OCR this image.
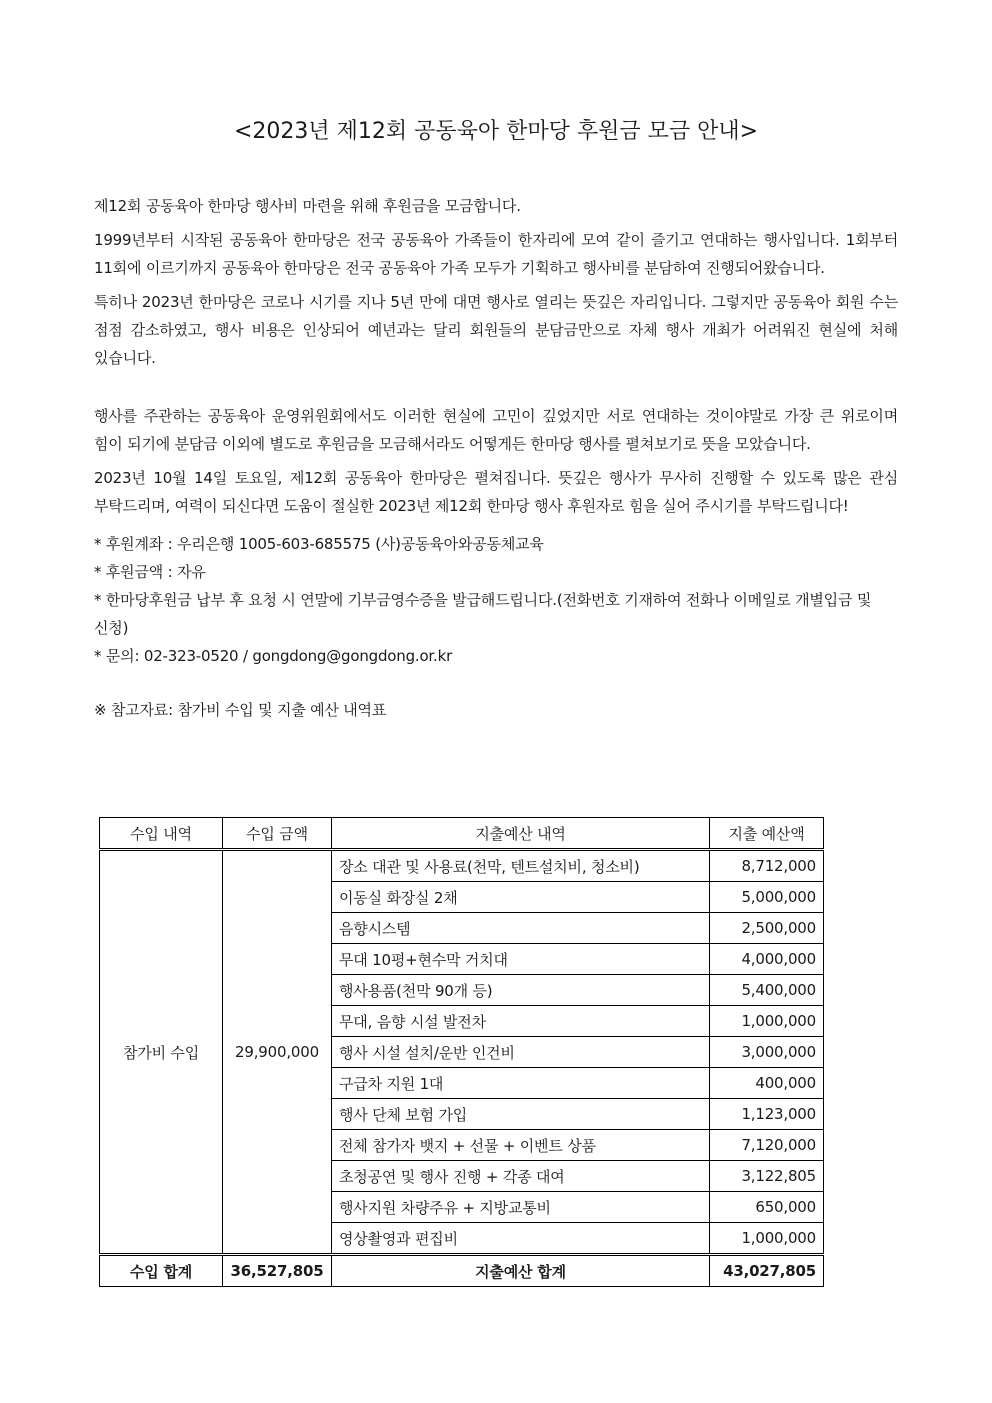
<2023년 제12회 공동육아 한마당 후원금 모금 안내>

제12회 공동육아 한마당 행사비 마련을 위해 후원금을 모금합니다.

1999년부터 시작된 공동육아 한마당은 전국 공동육아 가족들이 한자리에 모여 같이 즐기고 연대하는 행사입니다. 1회부터 11회에 이르기까지 공동육아 한마당은 전국 공동육아 가족 모두가 기획하고 행사비를 분담하여 진행되어왔습니다.

특히나 2023년 한마당은 코로나 시기를 지나 5년 만에 대면 행사로 열리는 뜻깊은 자리입니다. 그렇지만 공동육아 회원 수는 점점 감소하였고, 행사 비용은 인상되어 예년과는 달리 회원들의 분담금만으로 자체 행사 개최가 어려워진 현실에 처해 있습니다.

행사를 주관하는 공동육아 운영위원회에서도 이러한 현실에 고민이 깊었지만 서로 연대하는 것이야말로 가장 큰 위로이며 힘이 되기에 분담금 이외에 별도로 후원금을 모금해서라도 어떻게든 한마당 행사를 펼쳐보기로 뜻을 모았습니다.

2023년 10월 14일 토요일, 제12회 공동육아 한마당은 펼쳐집니다. 뜻깊은 행사가 무사히 진행할 수 있도록 많은 관심 부탁드리며, 여력이 되신다면 도움이 절실한 2023년 제12회 한마당 행사 후원자로 힘을 실어 주시기를 부탁드립니다!

* 후원계좌 : 우리은행 1005-603-685575 (사)공동육아와공동체교육

* 후원금액 : 자유

* 한마당후원금 납부 후 요청 시 연말에 기부금영수증을 발급해드립니다.(전화번호 기재하여 전화나 이메일로 개별입금 및 신청)

* 문의: 02-323-0520 / gongdong@gongdong.or.kr

※ 참고자료: 참가비 수입 및 지출 예산 내역표
수입 내역	수입 금액	지출예산 내역	지출 예산액
참가비 수입	29,900,000	장소 대관 및 사용료(천막, 텐트설치비, 청소비)	8,712,000
		이동실 화장실 2채	5,000,000
		음향시스템	2,500,000
		무대 10평+현수막 거치대	4,000,000
		행사용품(천막 90개 등)	5,400,000
		무대, 음향 시설 발전차	1,000,000
		행사 시설 설치/운반 인건비	3,000,000
		구급차 지원 1대	400,000
		행사 단체 보험 가입	1,123,000
		전체 참가자 뱃지 + 선물 + 이벤트 상품	7,120,000
		초청공연 및 행사 진행 + 각종 대여	3,122,805
		행사지원 차량주유 + 지방교통비	650,000
		영상촬영과 편집비	1,000,000
수입 합계	36,527,805	지출예산 합계	43,027,805
